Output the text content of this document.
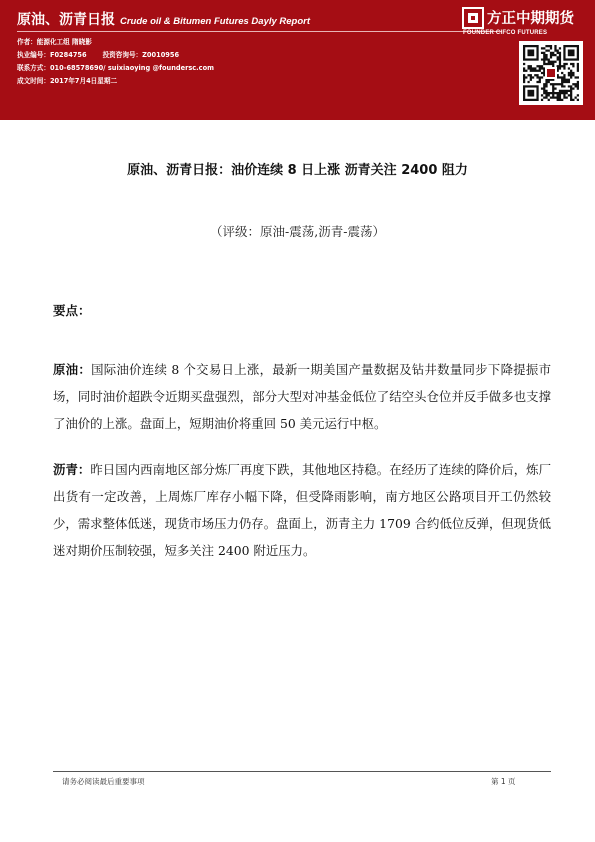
原油、沥青日报 Crude oil & Bitumen Futures Dayly Report
作者：能源化工组 隋晓影
执业编号：F0284756 投资咨询号：Z0010956
联系方式：010-68578690/ suixiaoying @foundersc.com
成文时间：2017年7月4日星期二
方正中期期货
FOUNDER CIFCO FUTURES
原油、沥青日报：油价连续 8 日上涨 沥青关注 2400 阻力
（评级：原油-震荡,沥青-震荡）
要点：
原油：国际油价连续 8 个交易日上涨，最新一期美国产量数据及钻井数量同步下降提振市场，同时油价超跌令近期买盘强烈，部分大型对冲基金低位了结空头仓位并反手做多也支撑了油价的上涨。盘面上，短期油价将重回 50 美元运行中枢。
沥青：昨日国内西南地区部分炼厂再度下跌，其他地区持稳。在经历了连续的降价后，炼厂出货有一定改善，上周炼厂库存小幅下降，但受降雨影响，南方地区公路项目开工仍然较少，需求整体低迷，现货市场压力仍存。盘面上，沥青主力 1709 合约低位反弹，但现货低迷对期价压制较强，短多关注 2400 附近压力。
请务必阅读最后重要事项	第 1 页
